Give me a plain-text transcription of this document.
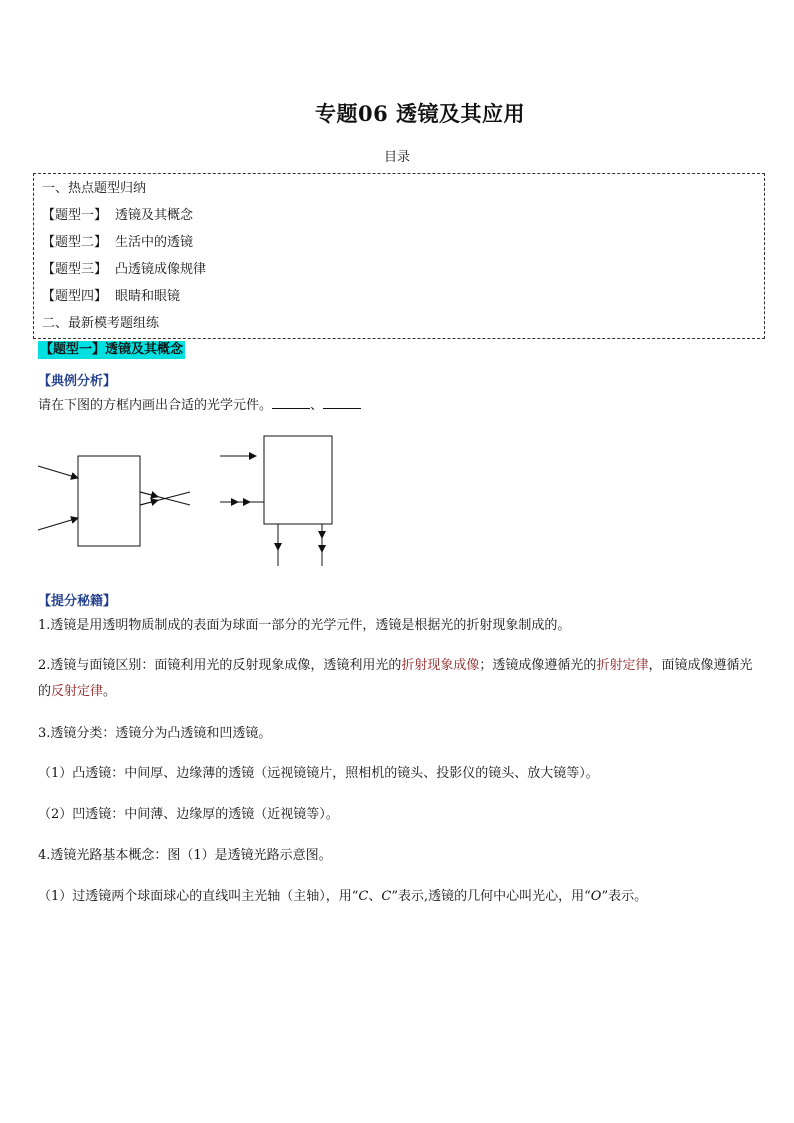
专题06 透镜及其应用
目录
一、热点题型归纳
【题型一】 透镜及其概念
【题型二】 生活中的透镜
【题型三】 凸透镜成像规律
【题型四】 眼睛和眼镜
二、最新模考题组练
【题型一】透镜及其概念
【典例分析】
请在下图的方框内画出合适的光学元件。	、
【提分秘籍】
1.透镜是用透明物质制成的表面为球面一部分的光学元件，透镜是根据光的折射现象制成的。
2.透镜与面镜区别：面镜利用光的反射现象成像，透镜利用光的折射现象成像；透镜成像遵循光的折射定律，面镜成像遵循光的反射定律。
3.透镜分类：透镜分为凸透镜和凹透镜。
（1）凸透镜：中间厚、边缘薄的透镜（远视镜镜片，照相机的镜头、投影仪的镜头、放大镜等）。
（2）凹透镜：中间薄、边缘厚的透镜（近视镜等）。
4.透镜光路基本概念：图（1）是透镜光路示意图。
（1）过透镜两个球面球心的直线叫主光轴（主轴），用“C、C”表示,透镜的几何中心叫光心，用“O”表示。
